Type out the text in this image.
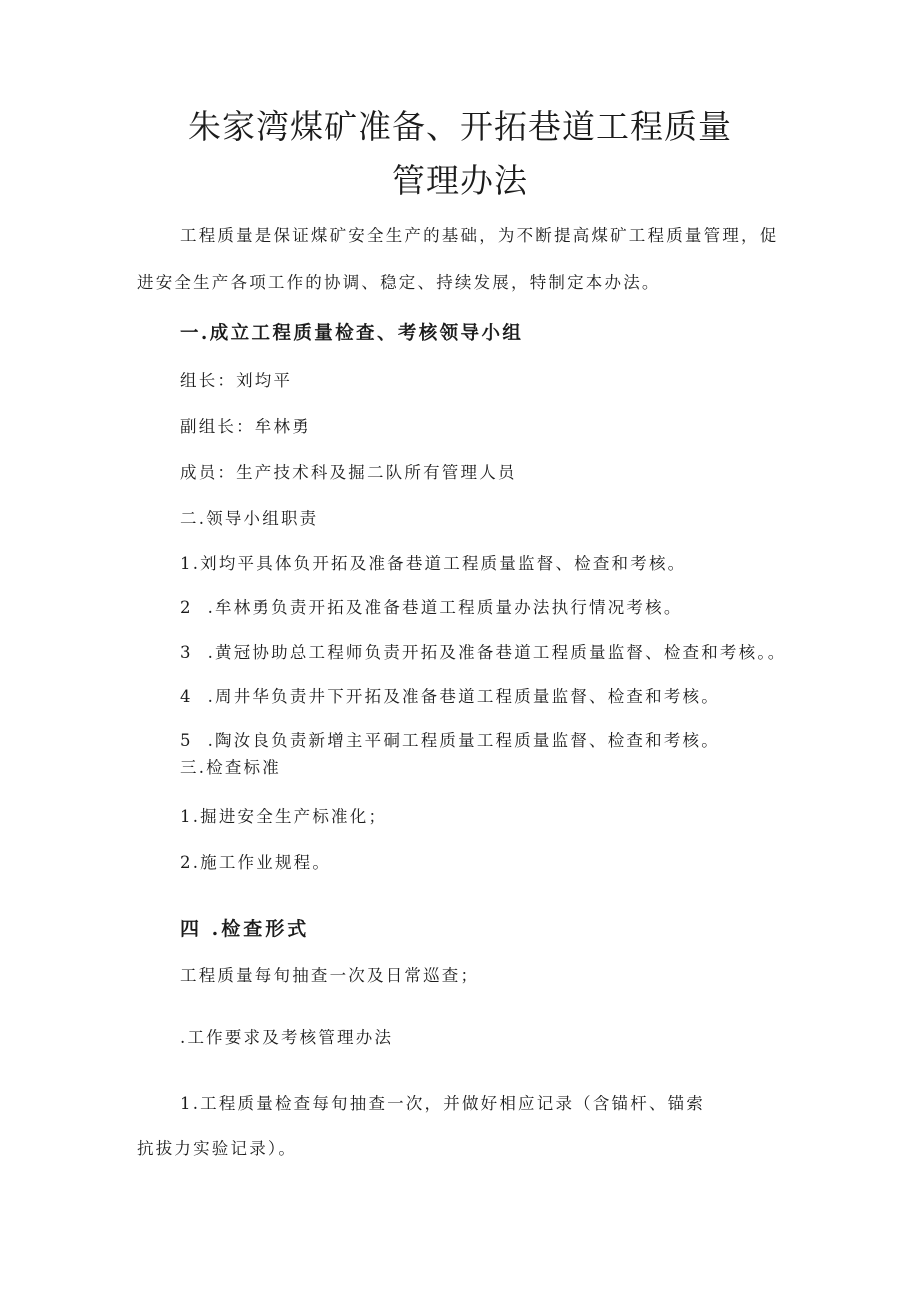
朱家湾煤矿准备、开拓巷道工程质量
管理办法
工程质量是保证煤矿安全生产的基础，为不断提高煤矿工程质量管理，促
进安全生产各项工作的协调、稳定、持续发展，特制定本办法。
一.成立工程质量检查、考核领导小组
组长：刘均平
副组长：牟林勇
成员：生产技术科及掘二队所有管理人员
二.领导小组职责
1.刘均平具体负开拓及准备巷道工程质量监督、检查和考核。
2  .牟林勇负责开拓及准备巷道工程质量办法执行情况考核。
3  .黄冠协助总工程师负责开拓及准备巷道工程质量监督、检查和考核。。
4  .周井华负责井下开拓及准备巷道工程质量监督、检查和考核。
5  .陶汝良负责新增主平硐工程质量工程质量监督、检查和考核。
三.检查标准
1.掘进安全生产标准化；
2.施工作业规程。
四 .检查形式
工程质量每旬抽查一次及日常巡查；
.工作要求及考核管理办法
1.工程质量检查每旬抽查一次，并做好相应记录（含锚杆、锚索
抗拔力实验记录）。
